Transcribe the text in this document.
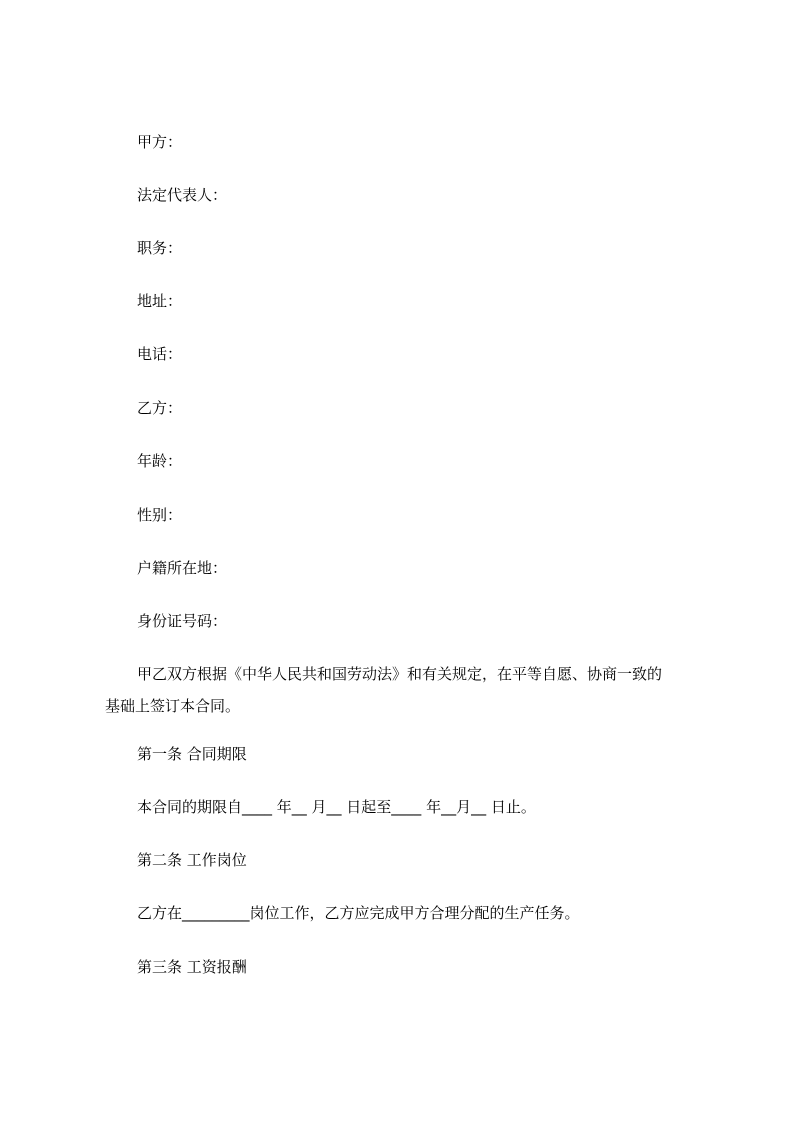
甲方：
法定代表人：
职务：
地址：
电话：
乙方：
年龄：
性别：
户籍所在地：
身份证号码：
甲乙双方根据《中华人民共和国劳动法》和有关规定，在平等自愿、协商一致的
基础上签订本合同。
第一条 合同期限
本合同的期限自____ 年__ 月__ 日起至____ 年__月__ 日止。
第二条 工作岗位
乙方在_________岗位工作，乙方应完成甲方合理分配的生产任务。
第三条 工资报酬
